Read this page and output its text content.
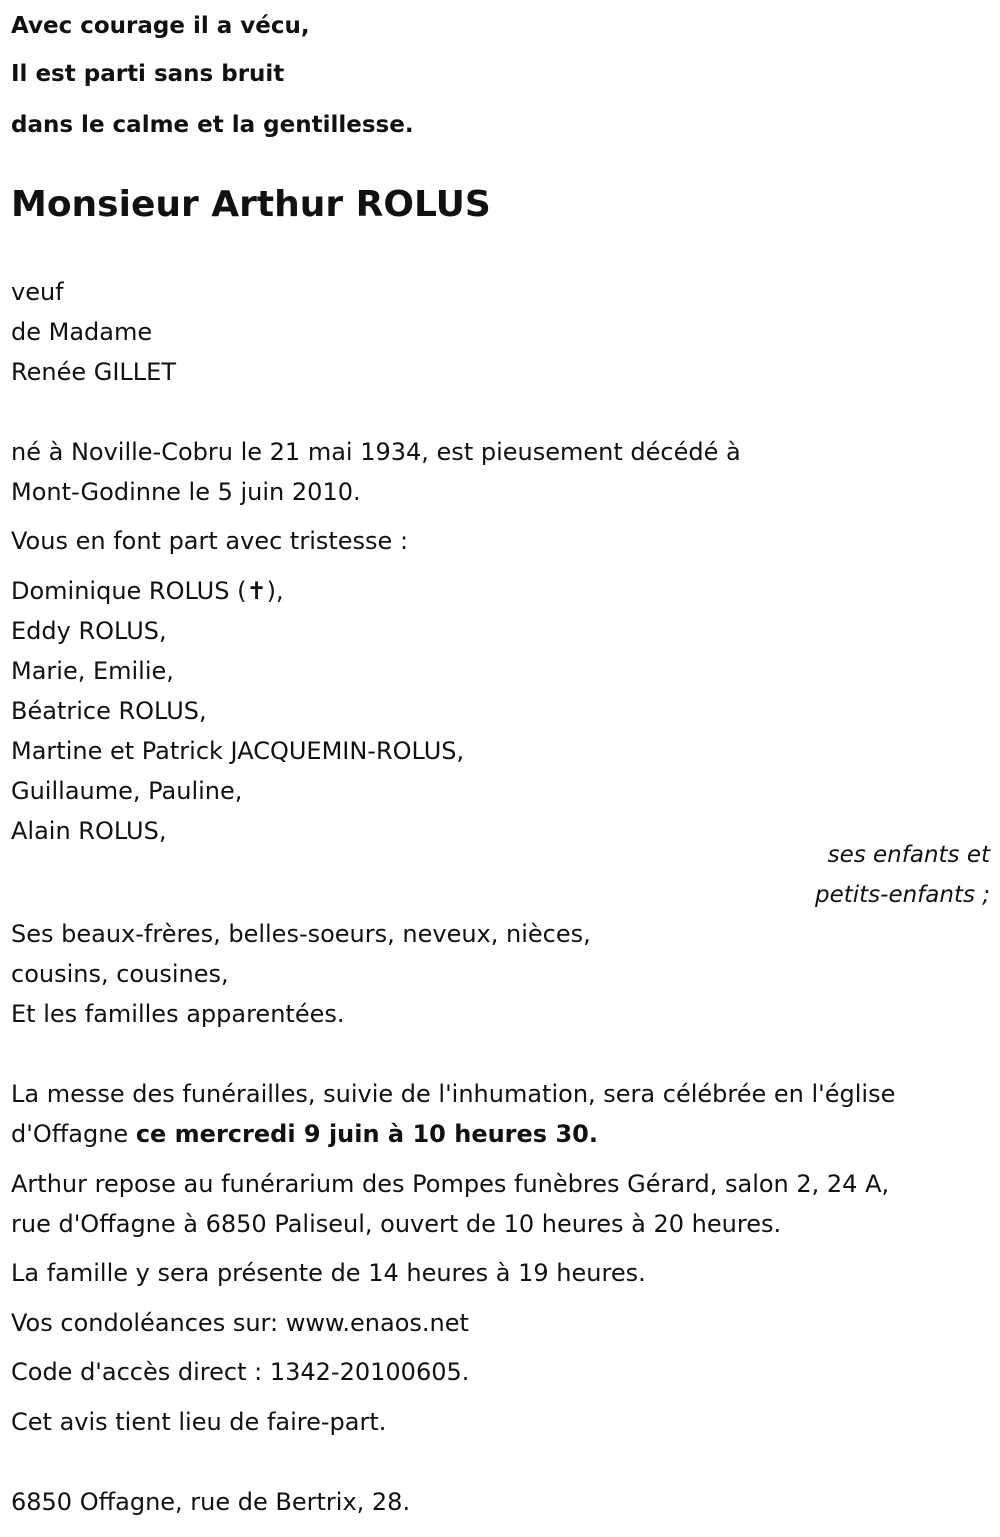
Avec courage il a vécu,
Il est parti sans bruit
dans le calme et la gentillesse.
Monsieur Arthur ROLUS
veuf
de Madame
Renée GILLET
né à Noville-Cobru le 21 mai 1934, est pieusement décédé à
Mont-Godinne le 5 juin 2010.
Vous en font part avec tristesse :
Dominique ROLUS (✝),
Eddy ROLUS,
Marie, Emilie,
Béatrice ROLUS,
Martine et Patrick JACQUEMIN-ROLUS,
Guillaume, Pauline,
Alain ROLUS,
ses enfants et
petits-enfants ;
Ses beaux-frères, belles-soeurs, neveux, nièces,
cousins, cousines,
Et les familles apparentées.
La messe des funérailles, suivie de l'inhumation, sera célébrée en l'église
d'Offagne ce mercredi 9 juin à 10 heures 30.
Arthur repose au funérarium des Pompes funèbres Gérard, salon 2, 24 A,
rue d'Offagne à 6850 Paliseul, ouvert de 10 heures à 20 heures.
La famille y sera présente de 14 heures à 19 heures.
Vos condoléances sur: www.enaos.net
Code d'accès direct : 1342-20100605.
Cet avis tient lieu de faire-part.
6850 Offagne, rue de Bertrix, 28.
